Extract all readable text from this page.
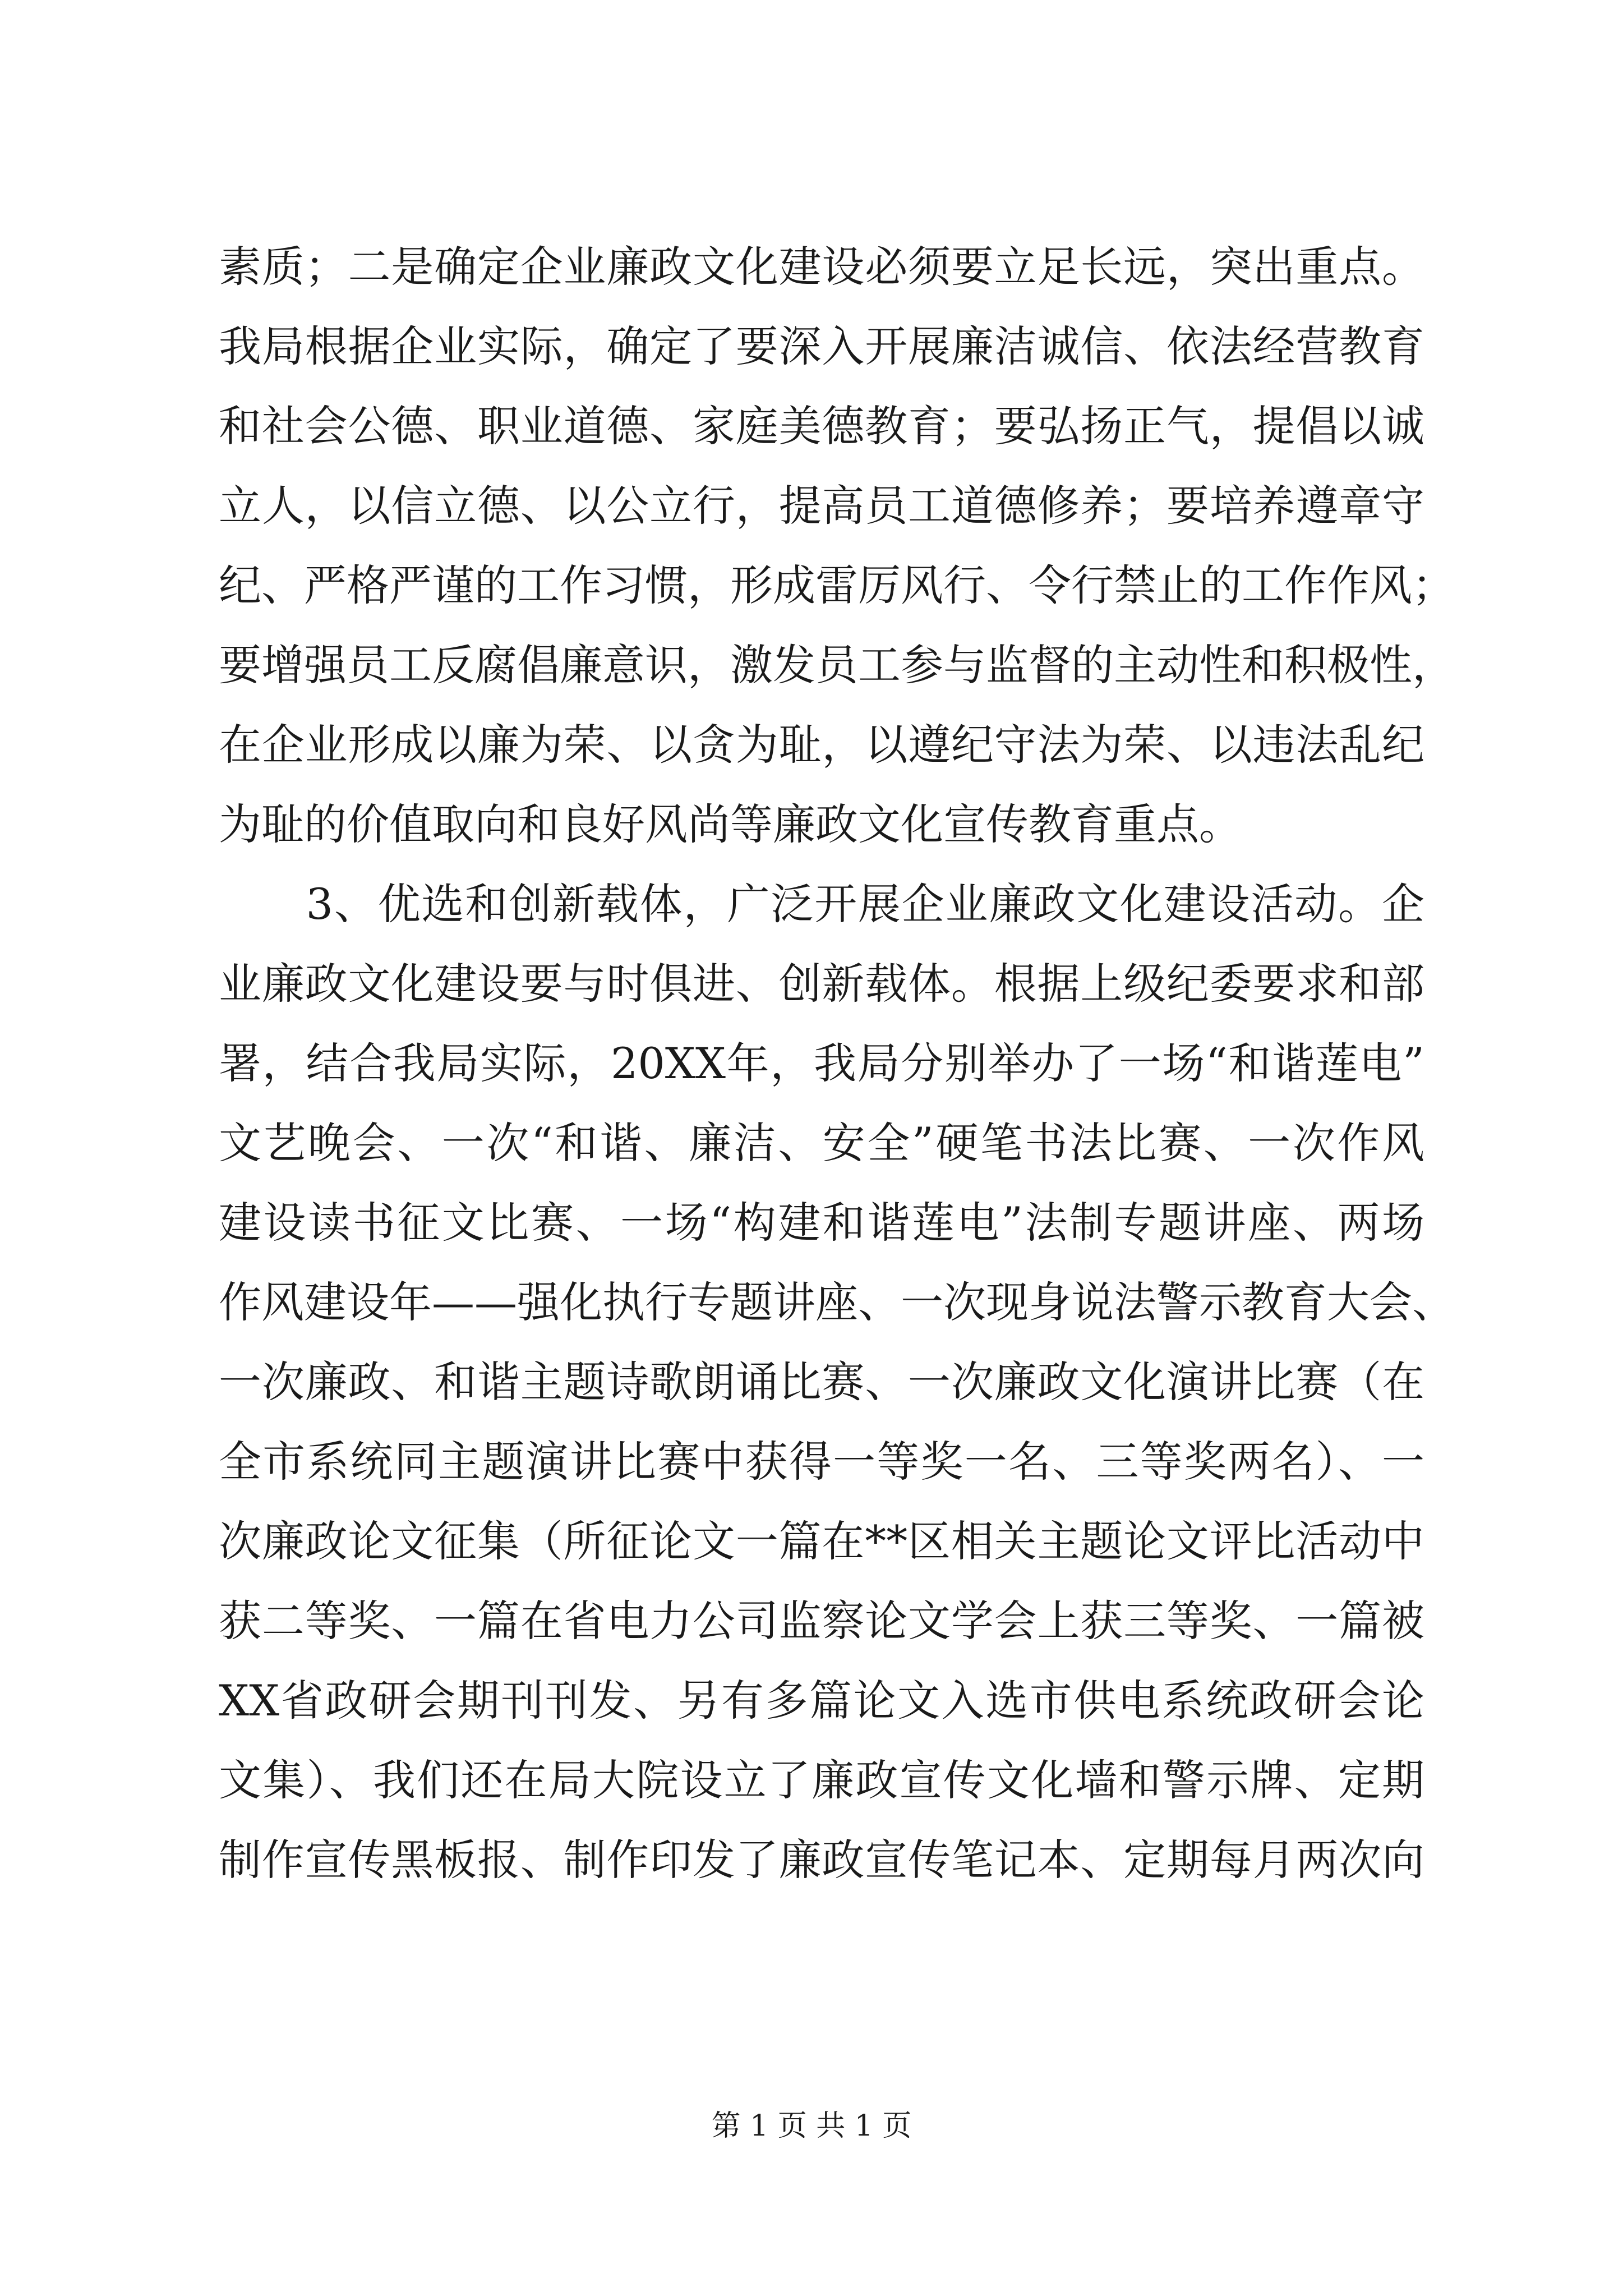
素质；二是确定企业廉政文化建设必须要立足长远，突出重点。
我局根据企业实际，确定了要深入开展廉洁诚信、依法经营教育
和社会公德、职业道德、家庭美德教育；要弘扬正气，提倡以诚
立人，以信立德、以公立行，提高员工道德修养；要培养遵章守
纪、严格严谨的工作习惯，形成雷厉风行、令行禁止的工作作风；
要增强员工反腐倡廉意识，激发员工参与监督的主动性和积极性，
在企业形成以廉为荣、以贪为耻，以遵纪守法为荣、以违法乱纪
为耻的价值取向和良好风尚等廉政文化宣传教育重点。
　　3、优选和创新载体，广泛开展企业廉政文化建设活动。企
业廉政文化建设要与时俱进、创新载体。根据上级纪委要求和部
署，结合我局实际，20XX年，我局分别举办了一场“和谐莲电”
文艺晚会、一次“和谐、廉洁、安全”硬笔书法比赛、一次作风
建设读书征文比赛、一场“构建和谐莲电”法制专题讲座、两场
作风建设年——强化执行专题讲座、一次现身说法警示教育大会、
一次廉政、和谐主题诗歌朗诵比赛、一次廉政文化演讲比赛（在
全市系统同主题演讲比赛中获得一等奖一名、三等奖两名）、一
次廉政论文征集（所征论文一篇在**区相关主题论文评比活动中
获二等奖、一篇在省电力公司监察论文学会上获三等奖、一篇被
XX省政研会期刊刊发、另有多篇论文入选市供电系统政研会论
文集）、我们还在局大院设立了廉政宣传文化墙和警示牌、定期
制作宣传黑板报、制作印发了廉政宣传笔记本、定期每月两次向
第 1 页 共 1 页
